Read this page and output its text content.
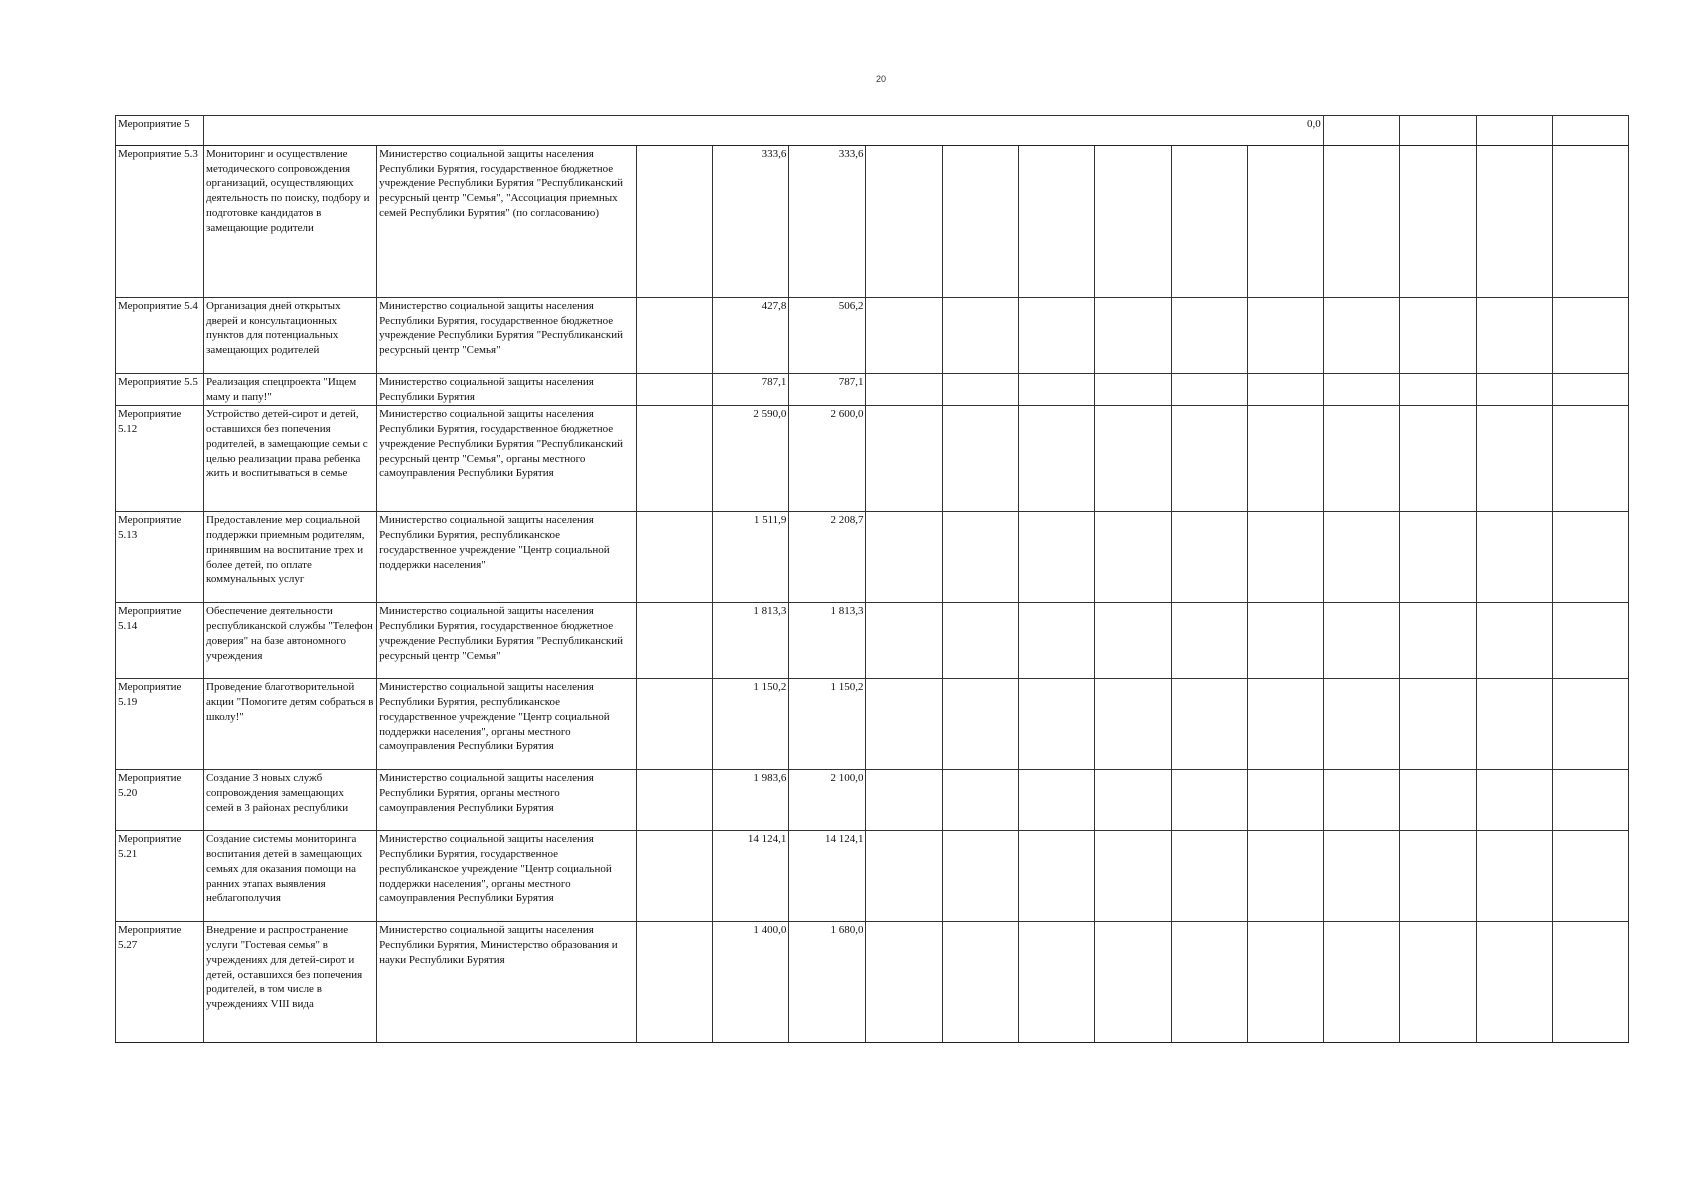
20
Мероприятие 5	0,0														
Мероприятие 5.3	Мониторинг и осуществление методического сопровождения организаций, осуществляющих деятельность по поиску, подбору и подготовке кандидатов в замещающие родители	Министерство социальной защиты населения Республики Бурятия, государственное бюджетное учреждение Республики Бурятия "Республиканский ресурсный центр "Семья", "Ассоциация приемных семей Республики Бурятия" (по согласованию)		333,6	333,6										
Мероприятие 5.4	Организация дней открытых дверей и консультационных пунктов для потенциальных замещающих родителей	Министерство социальной защиты населения Республики Бурятия, государственное бюджетное учреждение Республики Бурятия "Республиканский ресурсный центр "Семья"		427,8	506,2										
Мероприятие 5.5	Реализация спецпроекта "Ищем маму и папу!"	Министерство социальной защиты населения Республики Бурятия		787,1	787,1										
Мероприятие 5.12	Устройство детей-сирот и детей, оставшихся без попечения родителей, в замещающие семьи с целью реализации права ребенка жить и воспитываться в семье	Министерство социальной защиты населения Республики Бурятия, государственное бюджетное учреждение Республики Бурятия "Республиканский ресурсный центр "Семья", органы местного самоуправления Республики Бурятия		2 590,0	2 600,0										
Мероприятие 5.13	Предоставление мер социальной поддержки приемным родителям, принявшим на воспитание трех и более детей, по оплате коммунальных услуг	Министерство социальной защиты населения Республики Бурятия, республиканское государственное учреждение "Центр социальной поддержки населения"		1 511,9	2 208,7										
Мероприятие 5.14	Обеспечение деятельности республиканской службы "Телефон доверия" на базе автономного учреждения	Министерство социальной защиты населения Республики Бурятия, государственное бюджетное учреждение Республики Бурятия "Республиканский ресурсный центр "Семья"		1 813,3	1 813,3										
Мероприятие 5.19	Проведение благотворительной акции "Помогите детям собраться в школу!"	Министерство социальной защиты населения Республики Бурятия, республиканское государственное учреждение "Центр социальной поддержки населения", органы местного самоуправления Республики Бурятия		1 150,2	1 150,2										
Мероприятие 5.20	Создание 3 новых служб сопровождения замещающих семей в 3 районах республики	Министерство социальной защиты населения Республики Бурятия, органы местного самоуправления Республики Бурятия		1 983,6	2 100,0										
Мероприятие 5.21	Создание системы мониторинга воспитания детей в замещающих семьях для оказания помощи на ранних этапах выявления неблагополучия	Министерство социальной защиты населения Республики Бурятия, государственное республиканское учреждение "Центр социальной поддержки населения", органы местного самоуправления Республики Бурятия		14 124,1	14 124,1										
Мероприятие 5.27	Внедрение и распространение услуги "Гостевая семья" в учреждениях для детей-сирот и детей, оставшихся без попечения родителей, в том числе в учреждениях VIII вида	Министерство социальной защиты населения Республики Бурятия, Министерство образования и науки Республики Бурятия		1 400,0	1 680,0										
